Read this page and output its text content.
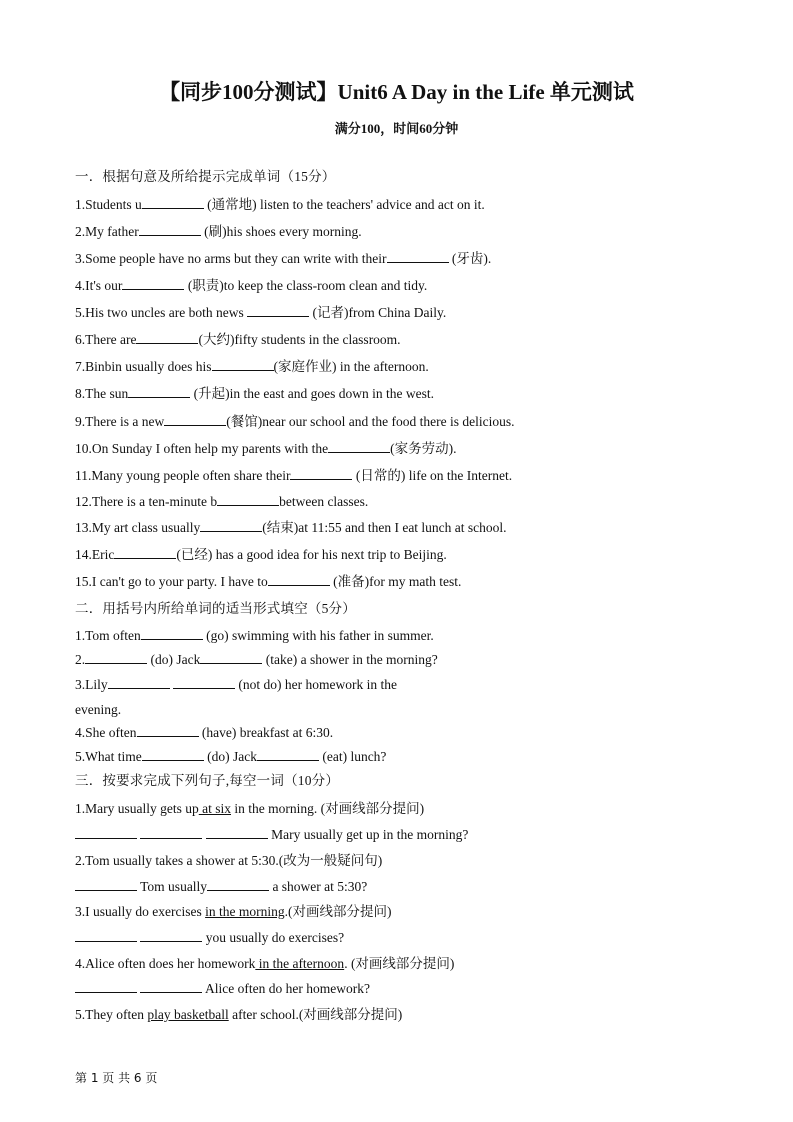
【同步100分测试】Unit6 A Day in the Life 单元测试
满分100，时间60分钟
一．根据句意及所给提示完成单词（15分）
1.Students u	(通常地) listen to the teachers' advice and act on it.
2.My father	(刷)his shoes every morning.
3.Some people have no arms but they can write with their	(牙齿).
4.It's our	(职责)to keep the class-room clean and tidy.
5.His two uncles are both news	(记者)from China Daily.
6.There are	(大约)fifty students in the classroom.
7.Binbin usually does his	(家庭作业) in the afternoon.
8.The sun	(升起)in the east and goes down in the west.
9.There is a new	(餐馆)near our school and the food there is delicious.
10.On Sunday I often help my parents with the	(家务劳动).
11.Many young people often share their	(日常的) life on the Internet.
12.There is a ten-minute b	between classes.
13.My art class usually	(结束)at 11:55 and then I eat lunch at school.
14.Eric	(已经) has a good idea for his next trip to Beijing.
15.I can't go to your party. I have to	(准备)for my math test.
二．用括号内所给单词的适当形式填空（5分）
1.Tom often	(go) swimming with his father in summer.
2.	(do) Jack	(take) a shower in the morning?
3.Lily	(not do) her homework in the
evening.
4.She often	(have) breakfast at 6:30.
5.What time	(do) Jack	(eat) lunch?
三．按要求完成下列句子,每空一词（10分）
1.Mary usually gets up at six in the morning. (对画线部分提问)
Mary usually get up in the morning?
2.Tom usually takes a shower at 5:30.(改为一般疑问句)
Tom usually	a shower at 5:30?
3.I usually do exercises in the morning.(对画线部分提问)
you usually do exercises?
4.Alice often does her homework in the afternoon. (对画线部分提问)
Alice often do her homework?
5.They often play basketball after school.(对画线部分提问)
第 1 页 共 6 页
